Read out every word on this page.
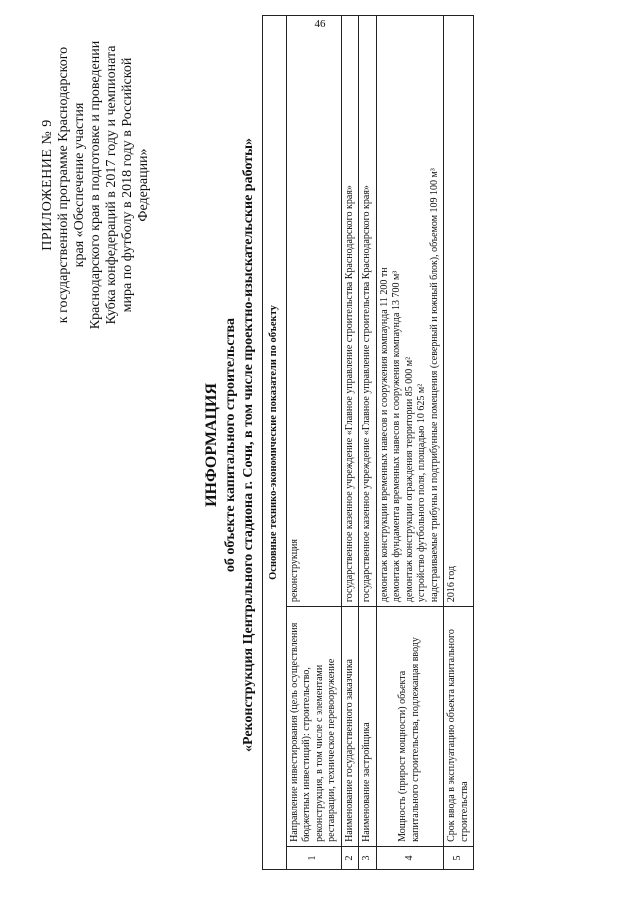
46
ПРИЛОЖЕНИЕ № 9 к государственной программе Краснодарского края «Обеспечение участия Краснодарского края в подготовке и проведении Кубка конфедераций в 2017 году и чемпионата мира по футболу в 2018 году в Российской Федерации»
ИНФОРМАЦИЯ об объекте капитального строительства «Реконструкция Центрального стадиона г. Сочи, в том числе проектно-изыскательские работы» Основные технико-экономические показатели по объекту		
1	Направление инвестирования (цель осуществления бюджетных инвестиций): строительство, реконструкция, в том числе с элементами реставрации, техническое перевооружение	реконструкция
2	Наименование государственного заказчика	государственное казенное учреждение «Главное управление строительства Краснодарского края»
3	Наименование застройщика	государственное казенное учреждение «Главное управление строительства Краснодарского края»
4	Мощность (прирост мощности) объекта капитального строительства, подлежащая вводу	демонтаж конструкции временных навесов и сооружения компаунда 11 200 тн демонтаж фундамента временных навесов и сооружения компаунда 13 700 м³ демонтаж конструкции ограждения территории 85 000 м² устройство футбольного поля, площадью 10 625 м² надстраиваемые трибуны и подтрибунные помещения (северный и южный блок), объемом 109 100 м³

5	Срок ввода в эксплуатацию объекта капитального строительства	2016 год
